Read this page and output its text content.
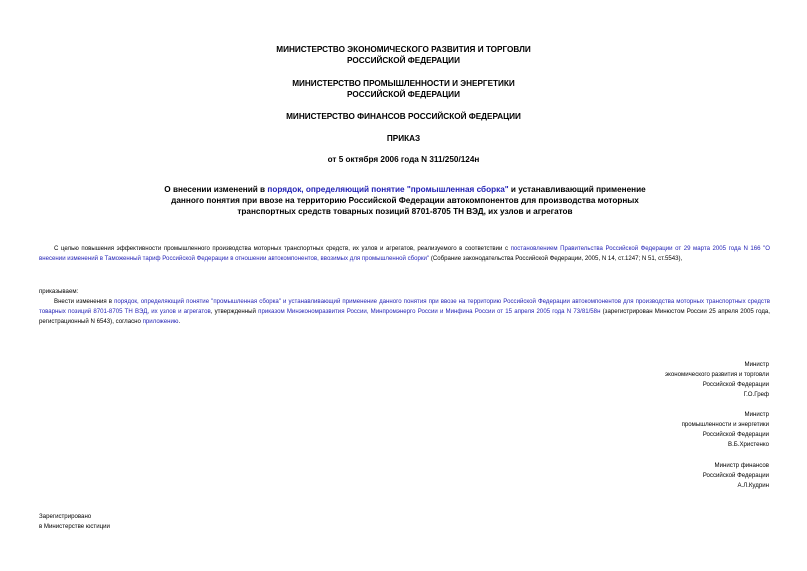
МИНИСТЕРСТВО ЭКОНОМИЧЕСКОГО РАЗВИТИЯ И ТОРГОВЛИ
РОССИЙСКОЙ ФЕДЕРАЦИИ
МИНИСТЕРСТВО ПРОМЫШЛЕННОСТИ И ЭНЕРГЕТИКИ
РОССИЙСКОЙ ФЕДЕРАЦИИ
МИНИСТЕРСТВО ФИНАНСОВ РОССИЙСКОЙ ФЕДЕРАЦИИ
ПРИКАЗ
от 5 октября 2006 года N 311/250/124н
О внесении изменений в порядок, определяющий понятие "промышленная сборка" и устанавливающий применение данного понятия при ввозе на территорию Российской Федерации автокомпонентов для производства моторных транспортных средств товарных позиций 8701-8705 ТН ВЭД, их узлов и агрегатов
С целью повышения эффективности промышленного производства моторных транспортных средств, их узлов и агрегатов, реализуемого в соответствии с постановлением Правительства Российской Федерации от 29 марта 2005 года N 166 "О внесении изменений в Таможенный тариф Российской Федерации в отношении автокомпонентов, ввозимых для промышленной сборки" (Собрание законодательства Российской Федерации, 2005, N 14, ст.1247; N 51, ст.5543),
приказываем:
Внести изменения в порядок, определяющий понятие "промышленная сборка" и устанавливающий применение данного понятия при ввозе на территорию Российской Федерации автокомпонентов для производства моторных транспортных средств товарных позиций 8701-8705 ТН ВЭД, их узлов и агрегатов, утвержденный приказом Минэкономразвития России, Минпромэнерго России и Минфина России от 15 апреля 2005 года N 73/81/58н (зарегистрирован Минюстом России 25 апреля 2005 года, регистрационный N 6543), согласно приложению.
Министр
экономического развития и торговли
Российской Федерации
Г.О.Греф
Министр
промышленности и энергетики
Российской Федерации
В.Б.Христенко
Министр финансов
Российской Федерации
А.Л.Кудрин
Зарегистрировано
в Министерстве юстиции
